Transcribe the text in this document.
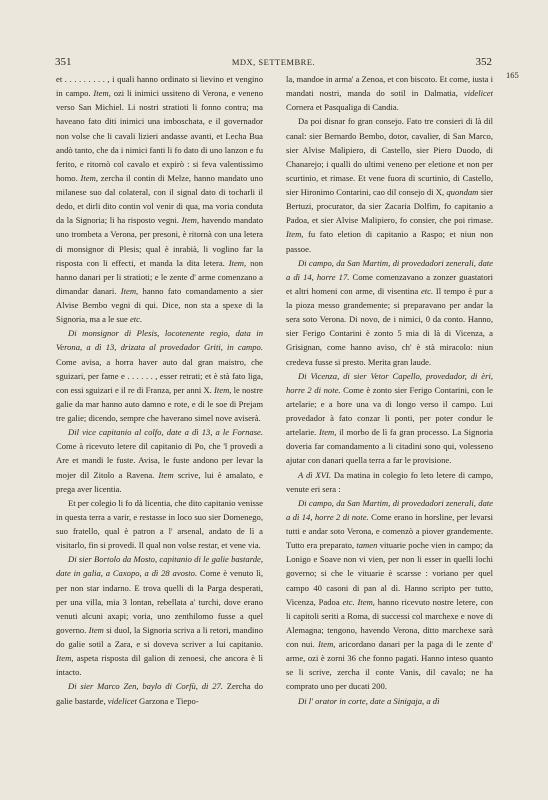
351	MDX, SETTEMBRE.	352
165

et . . . . . . . . . , i quali hanno ordinato si lievino et vengino in campo. Item, ozi li inimici ussiteno di Verona, e veneno verso San Michiel. Li nostri stratioti li fonno contra; ma haveano fato diti inimici una imboschata, e il governador non volse che li cavali lizieri andasse avanti, et Lecha Bua andò tanto, che da i nimici fanti li fo dato di uno lanzon e fu ferito, e ritornò col cavalo et expirò : si feva valentissimo homo. Item, zercha il contin di Melze, hanno mandato uno milanese suo dal colateral, con il signal dato di tocharli il dedo, et dirli dito contin vol venir di qua, ma voria conduta da la Signoria; li ha risposto vegni. Item, havendo mandato uno trombeta a Verona, per presoni, è ritornà con una letera di monsignor di Plesis; qual è inrabià, li voglino far la risposta con li effecti, et manda la dita letera. Item, non hanno danari per li stratioti; e le zente d' arme comenzano a dimandar danari. Item, hanno fato comandamento a sier Alvise Bembo vegni di qui. Dice, non sta a spexe di la Signoria, ma a le sue etc.

Di monsignor di Plesis, locotenente regio, data in Verona, a dì 13, drizata al provedador Griti, in campo. Come avisa, a horra haver auto dal gran maistro, che sguizari, per fame e . . . . . . , esser retrati; et è stà fato liga, con essi sguizari e il re di Franza, per anni X. Item, le nostre galie da mar hanno auto damno e rote, e di le soe di Prejam tre galie; dicendo, sempre che haverano simel nove aviserà.

Dil vice capitanio al colfo, date a dì 13, a le Fornase. Come à ricevuto letere dil capitanio di Po, che 'l provedi a Are et mandi le fuste. Avisa, le fuste andono per levar la mojer dil Zitolo a Ravena. Item scrive, lui è amalato, e prega aver licentia.

Et per colegio li fo dà licentia, che dito capitanio venisse in questa terra a varir, e restasse in loco suo sier Domenego, suo fratello, qual è patron a l' arsenal, andato de lì a visitarlo, fin si provedi. Il qual non volse restar, et vene via.

Di sier Bortolo da Mosto, capitanio di le galie bastarde, date in galia, a Caxopo, a dì 28 avosto. Come è venuto lì, per non star indarno. E trova quelli di la Parga desperati, per una villa, mia 3 lontan, rebellata a' turchi, dove erano venuti alcuni axapi; voria, uno zenthilomo fusse a quel governo. Item si duol, la Signoria scriva a li retori, mandino do galie sotil a Zara, e si doveva scriver a lui capitanio. Item, aspeta risposta dil galion di zenoesi, che ancora è lì intacto.

Di sier Marco Zen, baylo di Corfù, di 27. Zercha do galie bastarde, videlicet Garzona e Tiepo-

la, mandoe in arma' a Zenoa, et con biscoto. Et come, iusta i mandati nostri, manda do sotil in Dalmatia, videlicet Cornera et Pasqualiga di Candia.

Da poi disnar fo gran consejo. Fato tre consieri di là dil canal: sier Bernardo Bembo, dotor, cavalier, di San Marco, sier Alvise Malipiero, di Castello, sier Piero Duodo, di Chanarejo; i qualli do ultimi veneno per eletione et non per scurtinio, et rimase. Et vene fuora di scurtinio, di Castello, sier Hironimo Contarini, cao dil consejo di X, quondam sier Bertuzi, procurator, da sier Zacaria Dolfim, fo capitanio a Padoa, et sier Alvise Malipiero, fo consier, che poi rimase. Item, fu fato eletion di capitanio a Raspo; et niun non passoe.

Di campo, da San Martim, di provedadori zenerali, date a dì 14, horre 17. Come comenzavano a zonzer guastatori et altri homeni con arme, di visentina etc. Il tempo è pur a la pioza messo grandemente; si preparavano per andar la sera soto Verona. Di novo, de i nimici, 0 da conto. Hanno, sier Ferigo Contarini è zonto 5 mia di là di Vicenza, a Grisignan, come hanno aviso, ch' è stà miracolo: niun credeva fusse si presto. Merita gran laude.

Di Vicenza, di sier Vetor Capello, provedador, di èri, horre 2 di note. Come è zonto sier Ferigo Contarini, con le artelarie; e a hore una va di longo verso il campo. Lui provedador à fato conzar li ponti, per poter condur le artelarie. Item, il morbo de lì fa gran processo. La Signoria doveria far comandamento a li citadini sono qui, volesseno ajutar con danari quella terra a far le provisione.

A dì XVI. Da matina in colegio fo leto letere di campo, venute eri sera :

Di campo, da San Martim, di provedadori zenerali, date a dì 14, horre 2 di note. Come erano in horsline, per levarsi tutti e andar soto Verona, e comenzò a piover grandemente. Tutto era preparato, tamen vituarie poche vien in campo; da Lonigo e Soave non vi vien, per non li esser in quelli lochi governo; si che le vituarie è scarsse : voriano per quel campo 40 casoni di pan al dì. Hanno scripto per tutto, Vicenza, Padoa etc. Item, hanno ricevuto nostre letere, con li capitoli seriti a Roma, di successi col marchexe e nove di Alemagna; tengono, havendo Verona, ditto marchexe sarà con nui. Item, aricordano danari per la paga di le zente d' arme, ozi è zorni 36 che fonno pagati. Hanno inteso quanto se li scrive, zercha il conte Vanis, dil cavalo; ne ha comprato uno per ducati 200.

Di l' orator in corte, date a Sinigaja, a dì
